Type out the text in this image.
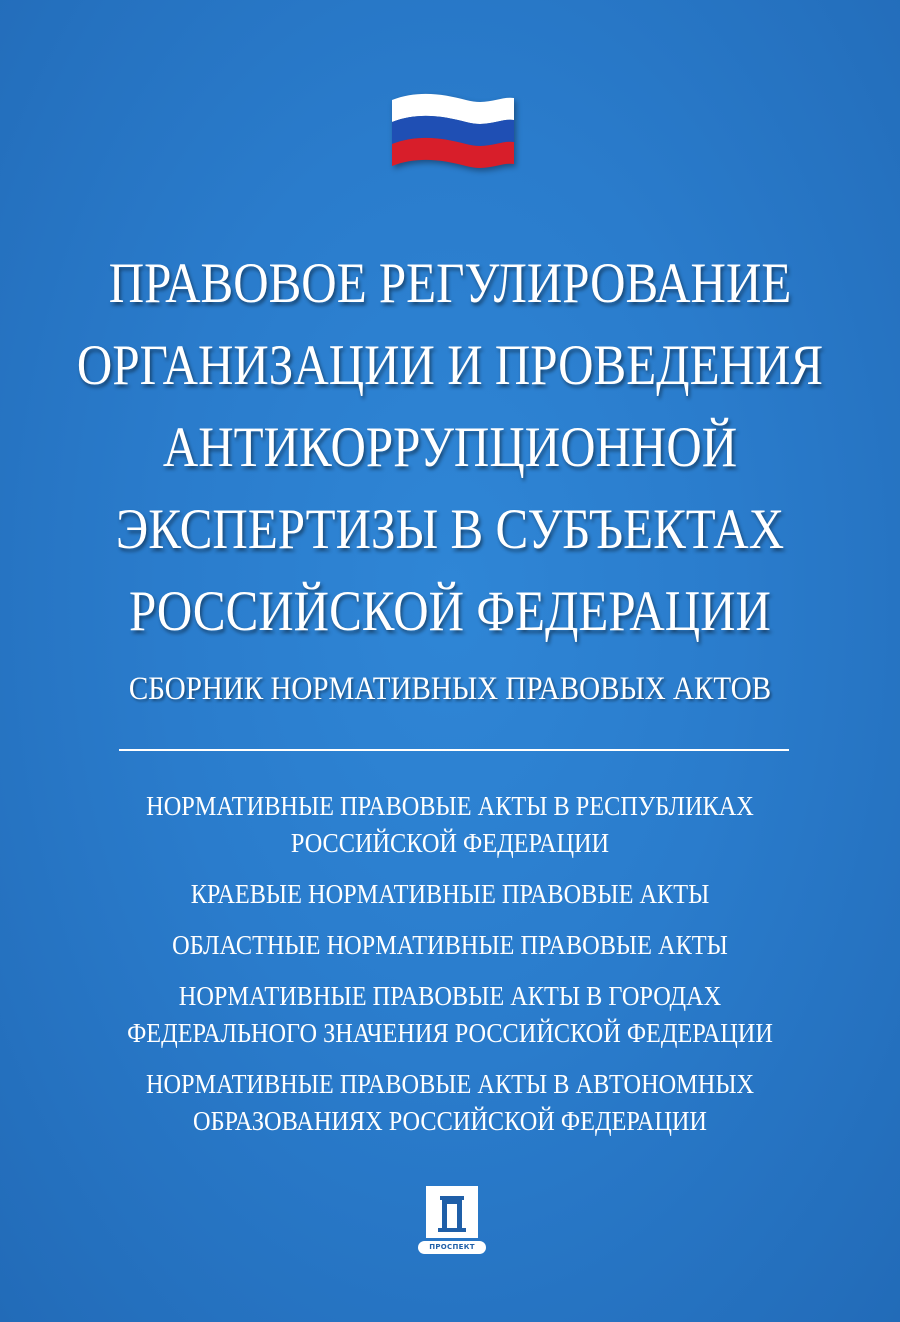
ПРАВОВОЕ РЕГУЛИРОВАНИЕ
ОРГАНИЗАЦИИ И ПРОВЕДЕНИЯ
АНТИКОРРУПЦИОННОЙ
ЭКСПЕРТИЗЫ В СУБЪЕКТАХ
РОССИЙСКОЙ ФЕДЕРАЦИИ
СБОРНИК НОРМАТИВНЫХ ПРАВОВЫХ АКТОВ
НОРМАТИВНЫЕ ПРАВОВЫЕ АКТЫ В РЕСПУБЛИКАХ
РОССИЙСКОЙ ФЕДЕРАЦИИ
КРАЕВЫЕ НОРМАТИВНЫЕ ПРАВОВЫЕ АКТЫ
ОБЛАСТНЫЕ НОРМАТИВНЫЕ ПРАВОВЫЕ АКТЫ
НОРМАТИВНЫЕ ПРАВОВЫЕ АКТЫ В ГОРОДАХ
ФЕДЕРАЛЬНОГО ЗНАЧЕНИЯ РОССИЙСКОЙ ФЕДЕРАЦИИ
НОРМАТИВНЫЕ ПРАВОВЫЕ АКТЫ В АВТОНОМНЫХ
ОБРАЗОВАНИЯХ РОССИЙСКОЙ ФЕДЕРАЦИИ
ПРОСПЕКТ
